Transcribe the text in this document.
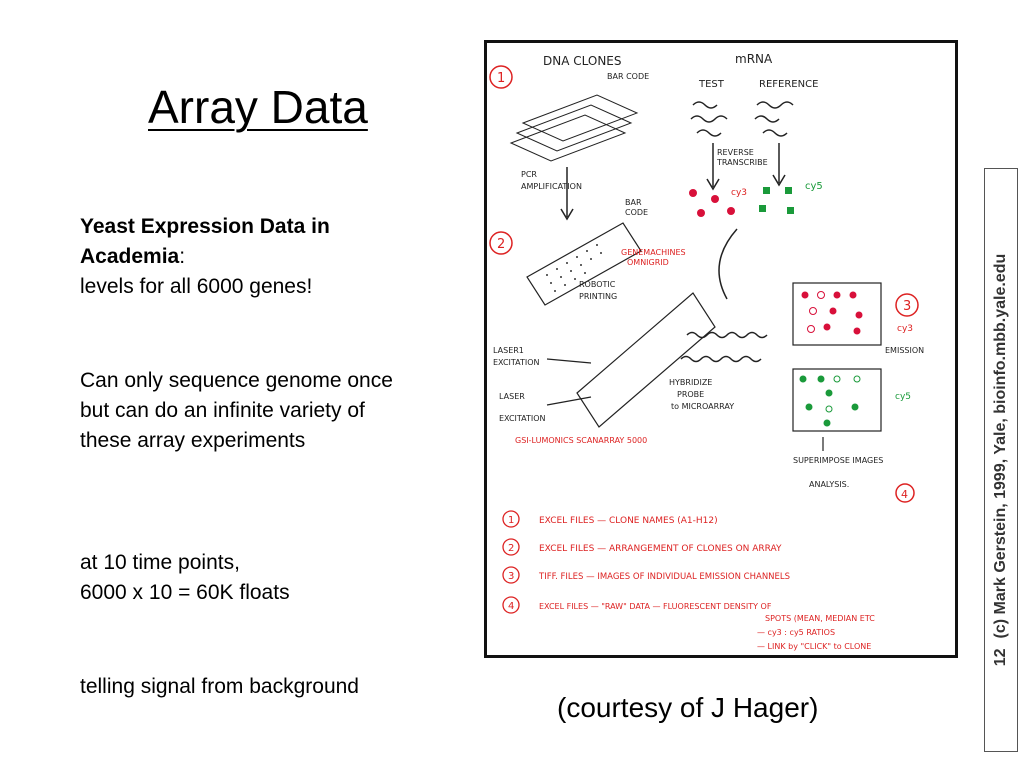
Array Data
Yeast Expression Data in Academia:
levels for all 6000 genes!
Can only sequence genome once but can do an infinite variety of these array experiments
at 10 time points,
6000 x 10 = 60K floats
telling signal from background
1
DNA CLONES
BAR CODE
mRNA
TEST	REFERENCE
REVERSE
TRANSCRIBE
cy3
cy5
PCR
AMPLIFICATION
BAR
CODE
2
GENEMACHINES
OMNIGRID
ROBOTIC
PRINTING
LASER1
EXCITATION
LASER
EXCITATION
HYBRIDIZE
PROBE
to MICROARRAY
GSI-LUMONICS SCANARRAY 5000
3
cy3
EMISSION
cy5
SUPERIMPOSE IMAGES
ANALYSIS.
4
1	EXCEL FILES — CLONE NAMES (A1-H12)
2	EXCEL FILES — ARRANGEMENT OF CLONES ON ARRAY
3	TIFF. FILES — IMAGES OF INDIVIDUAL EMISSION CHANNELS
4	EXCEL FILES — "RAW" DATA — FLUORESCENT DENSITY OF
SPOTS (MEAN, MEDIAN ETC
— cy3 : cy5 RATIOS
— LINK by "CLICK" to CLONE
(courtesy of J Hager)
12(c) Mark Gerstein, 1999, Yale, bioinfo.mbb.yale.edu
